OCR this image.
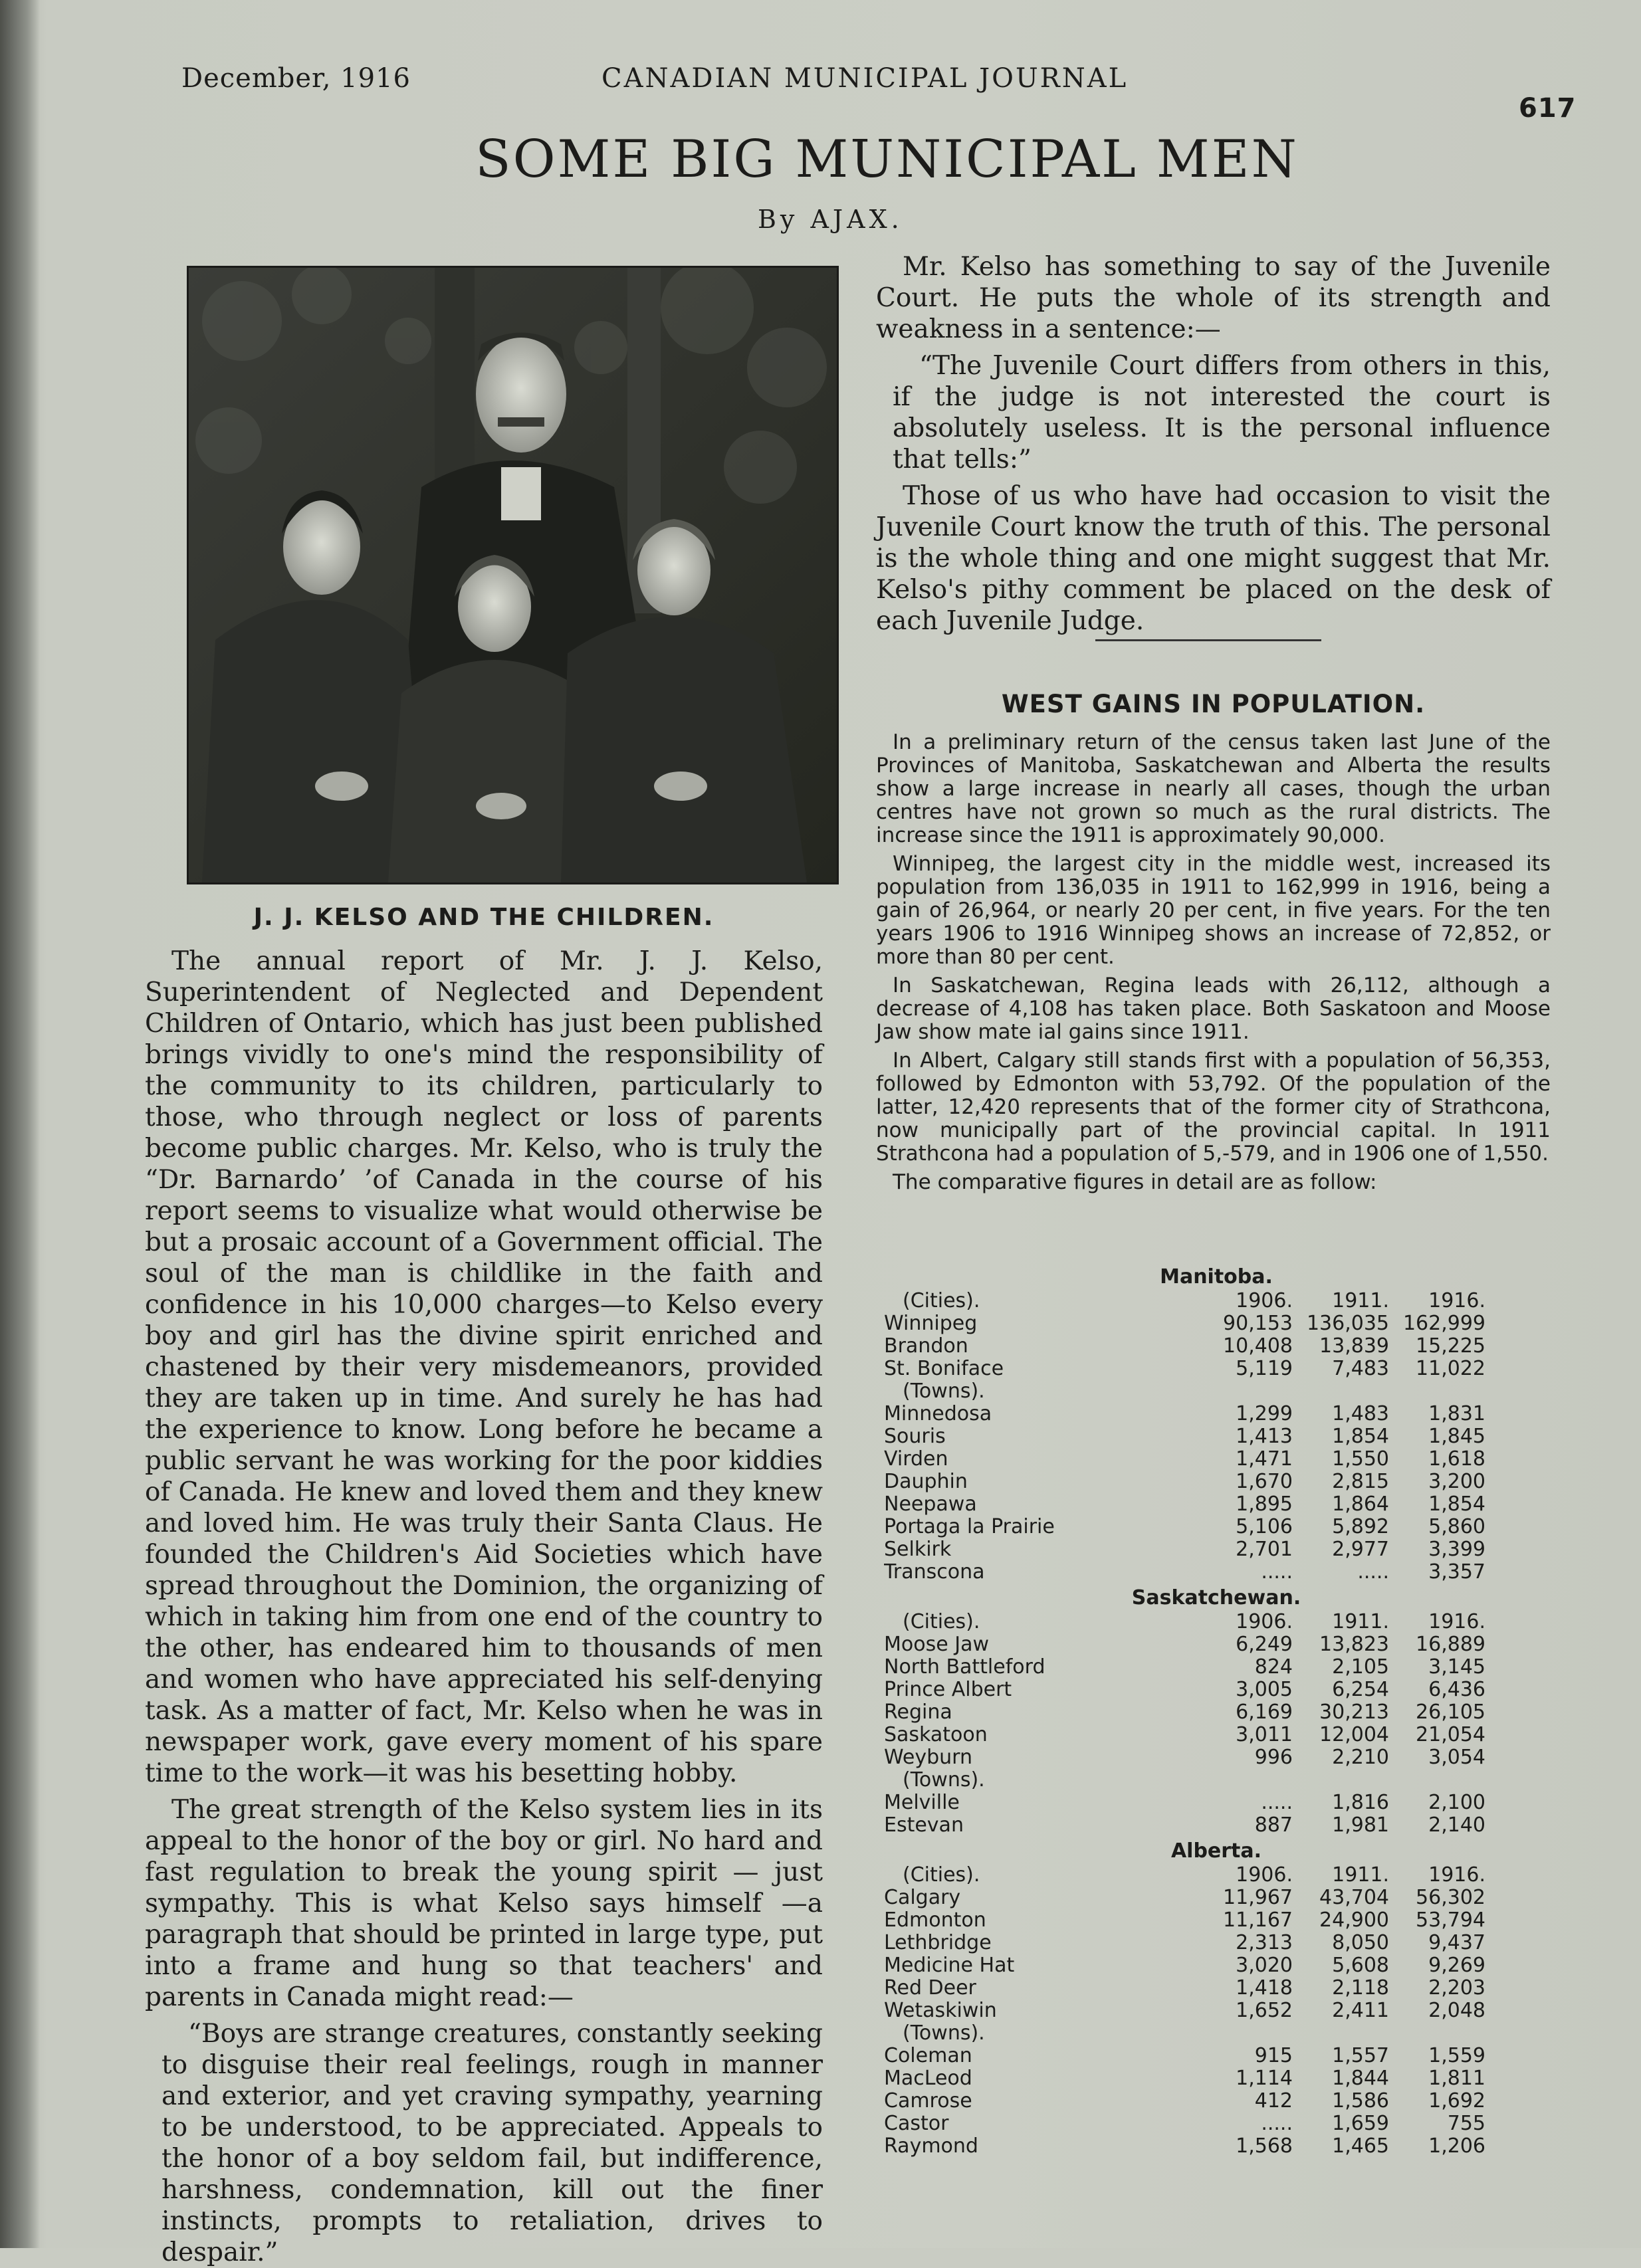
December, 1916	CANADIAN MUNICIPAL JOURNAL
617
SOME BIG MUNICIPAL MEN
By AJAX.
J. J. KELSO AND THE CHILDREN.

The annual report of Mr. J. J. Kelso, Superintendent of Neglected and Dependent Children of Ontario, which has just been published brings vividly to one's mind the responsibility of the community to its children, particularly to those, who through neglect or loss of parents become public charges. Mr. Kelso, who is truly the “Dr. Barnardo’ ’of Canada in the course of his report seems to visualize what would otherwise be but a prosaic account of a Government official. The soul of the man is childlike in the faith and confidence in his 10,000 charges—to Kelso every boy and girl has the divine spirit enriched and chastened by their very misdemeanors, provided they are taken up in time. And surely he has had the experience to know. Long before he became a public servant he was working for the poor kiddies of Canada. He knew and loved them and they knew and loved him. He was truly their Santa Claus. He founded the Children's Aid Societies which have spread throughout the Dominion, the organizing of which in taking him from one end of the country to the other, has endeared him to thousands of men and women who have appreciated his self-denying task. As a matter of fact, Mr. Kelso when he was in newspaper work, gave every moment of his spare time to the work—it was his besetting hobby.

The great strength of the Kelso system lies in its appeal to the honor of the boy or girl. No hard and fast regulation to break the young spirit — just sympathy. This is what Kelso says himself —a paragraph that should be printed in large type, put into a frame and hung so that teachers' and parents in Canada might read:—

“Boys are strange creatures, constantly seeking to disguise their real feelings, rough in manner and exterior, and yet craving sympathy, yearning to be understood, to be appreciated. Appeals to the honor of a boy seldom fail, but indifference, harshness, condemnation, kill out the finer instincts, prompts to retaliation, drives to despair.”

Mr. Kelso has something to say of the Juvenile Court. He puts the whole of its strength and weakness in a sentence:—

“The Juvenile Court differs from others in this, if the judge is not interested the court is absolutely useless. It is the personal influence that tells:”

Those of us who have had occasion to visit the Juvenile Court know the truth of this. The personal is the whole thing and one might suggest that Mr. Kelso's pithy comment be placed on the desk of each Juvenile Judge.

WEST GAINS IN POPULATION.

In a preliminary return of the census taken last June of the Provinces of Manitoba, Saskatchewan and Alberta the results show a large increase in nearly all cases, though the urban centres have not grown so much as the rural districts. The increase since the 1911 is approximately 90,000.

Winnipeg, the largest city in the middle west, increased its population from 136,035 in 1911 to 162,999 in 1916, being a gain of 26,964, or nearly 20 per cent, in five years. For the ten years 1906 to 1916 Winnipeg shows an increase of 72,852, or more than 80 per cent.

In Saskatchewan, Regina leads with 26,112, although a decrease of 4,108 has taken place. Both Saskatoon and Moose Jaw show mate ial gains since 1911.

In Albert, Calgary still stands first with a population of 56,353, followed by Edmonton with 53,792. Of the population of the latter, 12,420 represents that of the former city of Strathcona, now municipally part of the provincial capital. In 1911 Strathcona had a population of 5,-579, and in 1906 one of 1,550.

The comparative figures in detail are as follow:

Manitoba.
(Cities).	1906.	1911.	1916.
Winnipeg	90,153 136,035 162,999
Brandon	10,408	13,839	15,225
St. Boniface	5,119	7,483	11,022
(Towns).
Minnedosa	1,299	1,483	1,831
Souris	1,413	1,854	1,845
Virden	1,471	1,550	1,618
Dauphin	1,670	2,815	3,200
Neepawa	1,895	1,864	1,854
Portaga la Prairie	5,106	5,892	5,860
Selkirk	2,701	2,977	3,399
Transcona	.....	.....	3,357
Saskatchewan.
(Cities).	1906.	1911.	1916.
Moose Jaw	6,249	13,823	16,889
North Battleford	824	2,105	3,145
Prince Albert	3,005	6,254	6,436
Regina	6,169	30,213	26,105
Saskatoon	3,011	12,004	21,054
Weyburn	996	2,210	3,054
(Towns).
Melville	.....	1,816	2,100
Estevan	887	1,981	2,140
Alberta.
(Cities).	1906.	1911.	1916.
Calgary	11,967	43,704	56,302
Edmonton	11,167	24,900	53,794
Lethbridge	2,313	8,050	9,437
Medicine Hat	3,020	5,608	9,269
Red Deer	1,418	2,118	2,203
Wetaskiwin	1,652	2,411	2,048
(Towns).
Coleman	915	1,557	1,559
MacLeod	1,114	1,844	1,811
Camrose	412	1,586	1,692
Castor	.....	1,659	755
Raymond	1,568	1,465	1,206
